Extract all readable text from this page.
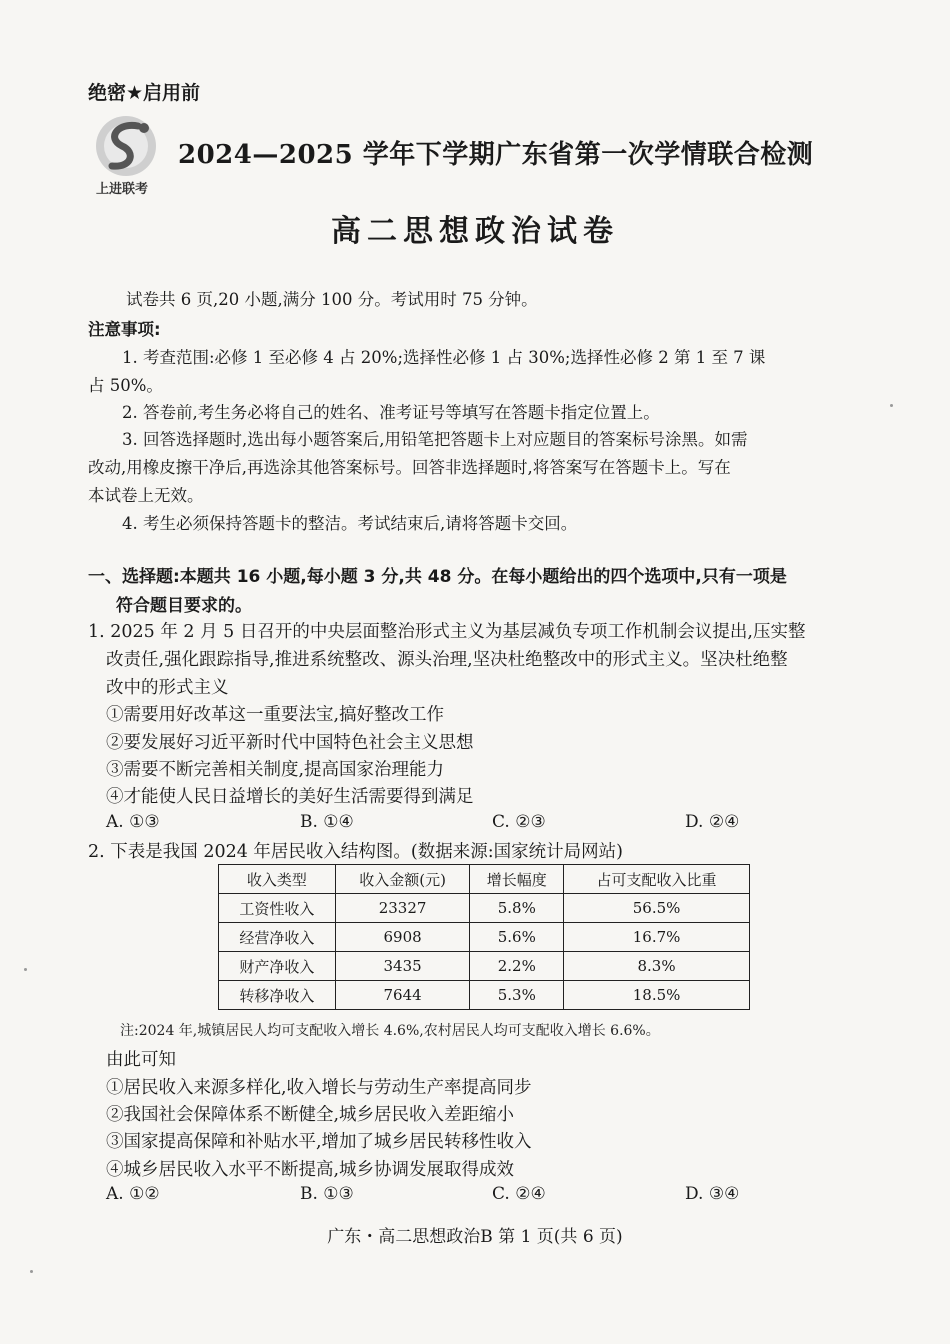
绝密★启用前
上进联考
2024—2025 学年下学期广东省第一次学情联合检测
高二思想政治试卷
试卷共 6 页,20 小题,满分 100 分。考试用时 75 分钟。
注意事项:
1. 考查范围:必修 1 至必修 4 占 20%;选择性必修 1 占 30%;选择性必修 2 第 1 至 7 课
占 50%。
2. 答卷前,考生务必将自己的姓名、准考证号等填写在答题卡指定位置上。
3. 回答选择题时,选出每小题答案后,用铅笔把答题卡上对应题目的答案标号涂黑。如需
改动,用橡皮擦干净后,再选涂其他答案标号。回答非选择题时,将答案写在答题卡上。写在
本试卷上无效。
4. 考生必须保持答题卡的整洁。考试结束后,请将答题卡交回。
一、选择题:本题共 16 小题,每小题 3 分,共 48 分。在每小题给出的四个选项中,只有一项是
符合题目要求的。
1. 2025 年 2 月 5 日召开的中央层面整治形式主义为基层减负专项工作机制会议提出,压实整
改责任,强化跟踪指导,推进系统整改、源头治理,坚决杜绝整改中的形式主义。坚决杜绝整
改中的形式主义
①需要用好改革这一重要法宝,搞好整改工作
②要发展好习近平新时代中国特色社会主义思想
③需要不断完善相关制度,提高国家治理能力
④才能使人民日益增长的美好生活需要得到满足
A. ①③	B. ①④	C. ②③	D. ②④
2. 下表是我国 2024 年居民收入结构图。(数据来源:国家统计局网站)
收入类型	收入金额(元)	增长幅度	占可支配收入比重
工资性收入	23327	5.8%	56.5%
经营净收入	6908	5.6%	16.7%
财产净收入	3435	2.2%	8.3%
转移净收入	7644	5.3%	18.5%
注:2024 年,城镇居民人均可支配收入增长 4.6%,农村居民人均可支配收入增长 6.6%。
由此可知
①居民收入来源多样化,收入增长与劳动生产率提高同步
②我国社会保障体系不断健全,城乡居民收入差距缩小
③国家提高保障和补贴水平,增加了城乡居民转移性收入
④城乡居民收入水平不断提高,城乡协调发展取得成效
A. ①②	B. ①③	C. ②④	D. ③④
广东・高二思想政治B 第 1 页(共 6 页)
